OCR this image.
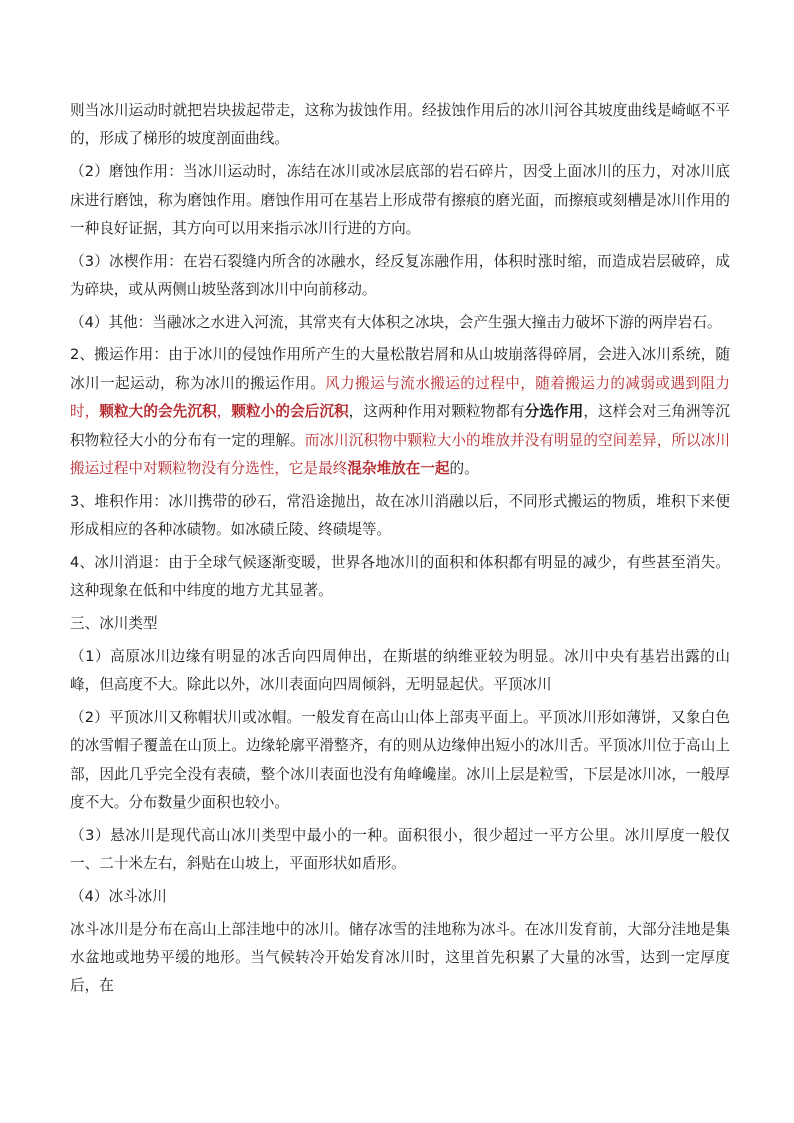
则当冰川运动时就把岩块拔起带走，这称为拔蚀作用。经拔蚀作用后的冰川河谷其坡度曲线是崎岖不平的，形成了梯形的坡度剖面曲线。

（2）磨蚀作用：当冰川运动时，冻结在冰川或冰层底部的岩石碎片，因受上面冰川的压力，对冰川底床进行磨蚀，称为磨蚀作用。磨蚀作用可在基岩上形成带有擦痕的磨光面，而擦痕或刻槽是冰川作用的一种良好证据，其方向可以用来指示冰川行进的方向。

（3）冰楔作用：在岩石裂缝内所含的冰融水，经反复冻融作用，体积时涨时缩，而造成岩层破碎，成为碎块，或从两侧山坡坠落到冰川中向前移动。

（4）其他：当融冰之水进入河流，其常夹有大体积之冰块，会产生强大撞击力破坏下游的两岸岩石。

2、搬运作用：由于冰川的侵蚀作用所产生的大量松散岩屑和从山坡崩落得碎屑，会进入冰川系统，随冰川一起运动，称为冰川的搬运作用。风力搬运与流水搬运的过程中，随着搬运力的减弱或遇到阻力时，颗粒大的会先沉积，颗粒小的会后沉积，这两种作用对颗粒物都有分选作用，这样会对三角洲等沉积物粒径大小的分布有一定的理解。而冰川沉积物中颗粒大小的堆放并没有明显的空间差异，所以冰川搬运过程中对颗粒物没有分选性，它是最终混杂堆放在一起的。

3、堆积作用：冰川携带的砂石，常沿途抛出，故在冰川消融以后，不同形式搬运的物质，堆积下来便形成相应的各种冰碛物。如冰碛丘陵、终碛堤等。

4、冰川消退：由于全球气候逐渐变暖，世界各地冰川的面积和体积都有明显的减少，有些甚至消失。这种现象在低和中纬度的地方尤其显著。

三、冰川类型

（1）高原冰川边缘有明显的冰舌向四周伸出，在斯堪的纳维亚较为明显。冰川中央有基岩出露的山峰，但高度不大。除此以外，冰川表面向四周倾斜，无明显起伏。平顶冰川

（2）平顶冰川又称帽状川或冰帽。一般发育在高山山体上部夷平面上。平顶冰川形如薄饼，又象白色的冰雪帽子覆盖在山顶上。边缘轮廓平滑整齐，有的则从边缘伸出短小的冰川舌。平顶冰川位于高山上部，因此几乎完全没有表碛，整个冰川表面也没有角峰巉崖。冰川上层是粒雪，下层是冰川冰，一般厚度不大。分布数量少面积也较小。

（3）悬冰川是现代高山冰川类型中最小的一种。面积很小，很少超过一平方公里。冰川厚度一般仅一、二十米左右，斜贴在山坡上，平面形状如盾形。

（4）冰斗冰川

冰斗冰川是分布在高山上部洼地中的冰川。储存冰雪的洼地称为冰斗。在冰川发育前，大部分洼地是集水盆地或地势平缓的地形。当气候转冷开始发育冰川时，这里首先积累了大量的冰雪，达到一定厚度后，在
